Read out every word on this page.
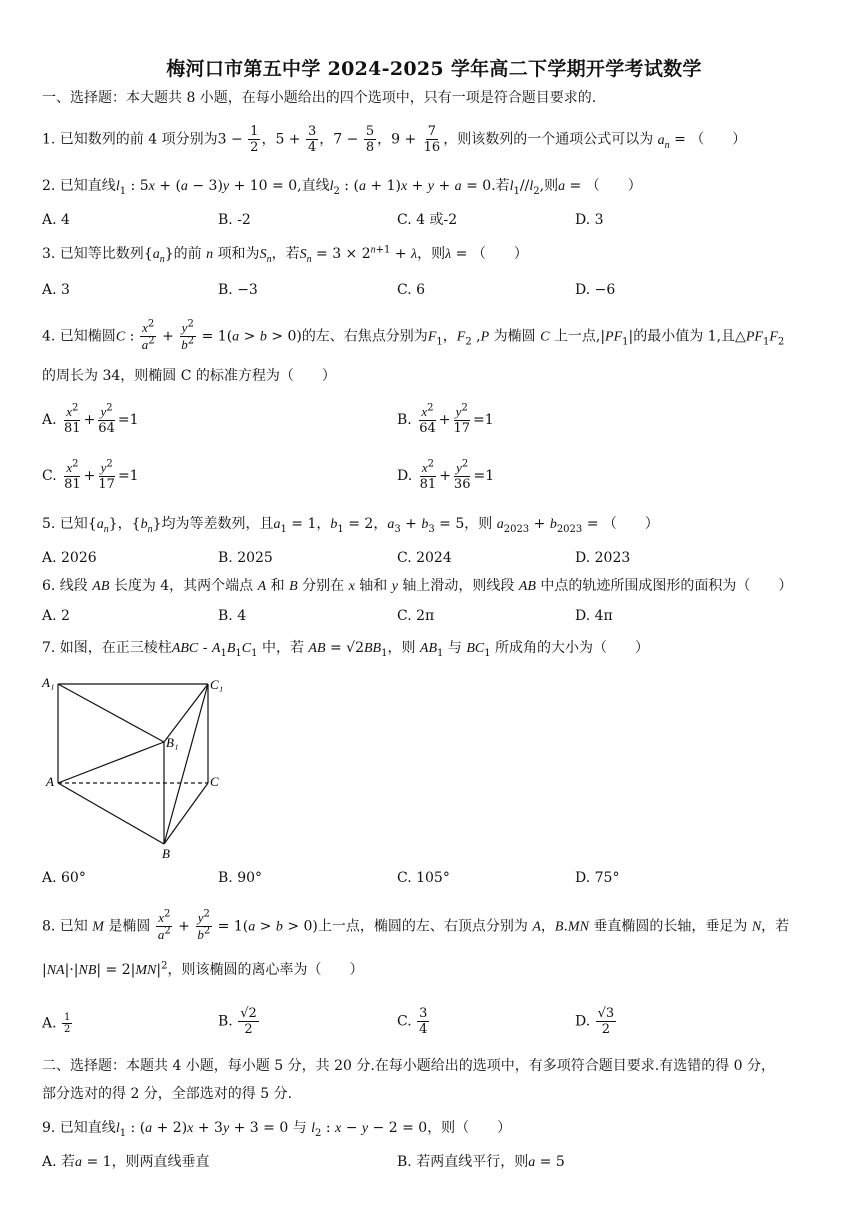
梅河口市第五中学 2024-2025 学年高二下学期开学考试数学
一、选择题：本大题共 8 小题，在每小题给出的四个选项中，只有一项是符合题目要求的.
1. 已知数列的前 4 项分别为$3 - \frac{1}{2}$ ，$5 + \frac{3}{4}$ ，$7 - \frac{5}{8}$ ，$9 + \frac{7}{16}$ ，则该数列的一个通项公式可以为 $a_n$ = （　　）
2. 已知直线$l_1$ : 5x + (a − 3)y + 10 = 0,直线$l_2$ : (a + 1)x + y + a = 0.若$l_1//l_2$,则a = （　　）
A. 4	B. -2	C. 4 或-2	D. 3
3. 已知等比数列$\{a_n\}$的前 n 项和为$S_n$，若$S_n = 3 \times 2^{n+1} + \lambda$，则λ = （　　）
A. 3	B. −3	C. 6	D. −6
4. 已知椭圆C : $\frac{x^2}{a^2} + \frac{y^2}{b^2} = 1(a > b > 0)$的左、右焦点分别为$F_1$，$F_2$ ,P 为椭圆 C 上一点$,|PF_1|$的最小值为 1,且$\triangle PF_1F_2$
的周长为 34，则椭圆 C 的标准方程为（　　）
A. $\frac{x^2}{81} + \frac{y^2}{64} =1$	B. $\frac{x^2}{64} + \frac{y^2}{17} =1$
C. $\frac{x^2}{81} + \frac{y^2}{17} =1$	D. $\frac{x^2}{81} + \frac{y^2}{36} =1$
5. 已知$\{a_n\}$，$\{b_n\}$均为等差数列，且$a_1 = 1$，$b_1 = 2$，$a_3 + b_3 = 5$，则 $a_{2023} + b_{2023}$ = （　　）
A. 2026	B. 2025	C. 2024	D. 2023
6. 线段 AB 长度为 4，其两个端点 A 和 B 分别在 x 轴和 y 轴上滑动，则线段 AB 中点的轨迹所围成图形的面积为（　　）
A. 2	B. 4	C. 2π	D. 4π
7. 如图，在正三棱柱ABC - $A_1B_1C_1$ 中，若 AB = $√2BB_1$，则 $AB_1$ 与 $BC_1$ 所成角的大小为（　　）
A₁	C₁
B₁
A	C
B
A. 60°	B. 90°	C. 105°	D. 75°
8. 已知 M 是椭圆 $\frac{x^2}{a^2} + \frac{y^2}{b^2} = 1(a > b > 0)$上一点，椭圆的左、右顶点分别为 A，B.MN 垂直椭圆的长轴，垂足为 N，若
$|NA|\cdot|NB| = 2|MN|^2$，则该椭圆的离心率为（　　）
A. $\frac{1}{2}$	B. $\frac{√2}{2}$	C. $\frac{3}{4}$	D. $\frac{√3}{2}$
二、选择题：本题共 4 小题，每小题 5 分，共 20 分.在每小题给出的选项中，有多项符合题目要求.有选错的得 0 分，
部分选对的得 2 分，全部选对的得 5 分.
9. 已知直线$l_1$ : (a + 2)x + 3y + 3 = 0 与 $l_2$ : x − y − 2 = 0，则（　　）
A. 若a = 1，则两直线垂直	B. 若两直线平行，则a = 5
